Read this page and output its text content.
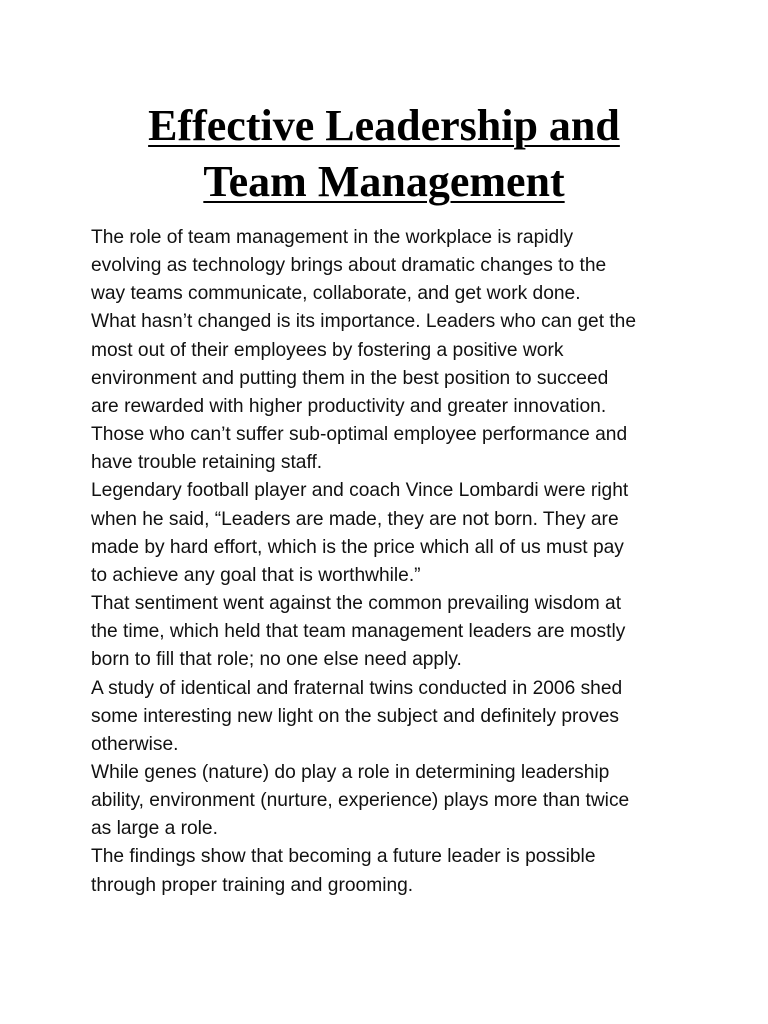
Effective Leadership and
Team Management

The role of team management in the workplace is rapidly
evolving as technology brings about dramatic changes to the
way teams communicate, collaborate, and get work done.

What hasn’t changed is its importance. Leaders who can get the
most out of their employees by fostering a positive work
environment and putting them in the best position to succeed
are rewarded with higher productivity and greater innovation.
Those who can’t suffer sub-optimal employee performance and
have trouble retaining staff.

Legendary football player and coach Vince Lombardi were right
when he said, “Leaders are made, they are not born. They are
made by hard effort, which is the price which all of us must pay
to achieve any goal that is worthwhile.”

That sentiment went against the common prevailing wisdom at
the time, which held that team management leaders are mostly
born to fill that role; no one else need apply.

A study of identical and fraternal twins conducted in 2006 shed
some interesting new light on the subject and definitely proves
otherwise.

While genes (nature) do play a role in determining leadership
ability, environment (nurture, experience) plays more than twice
as large a role.

The findings show that becoming a future leader is possible
through proper training and grooming.
